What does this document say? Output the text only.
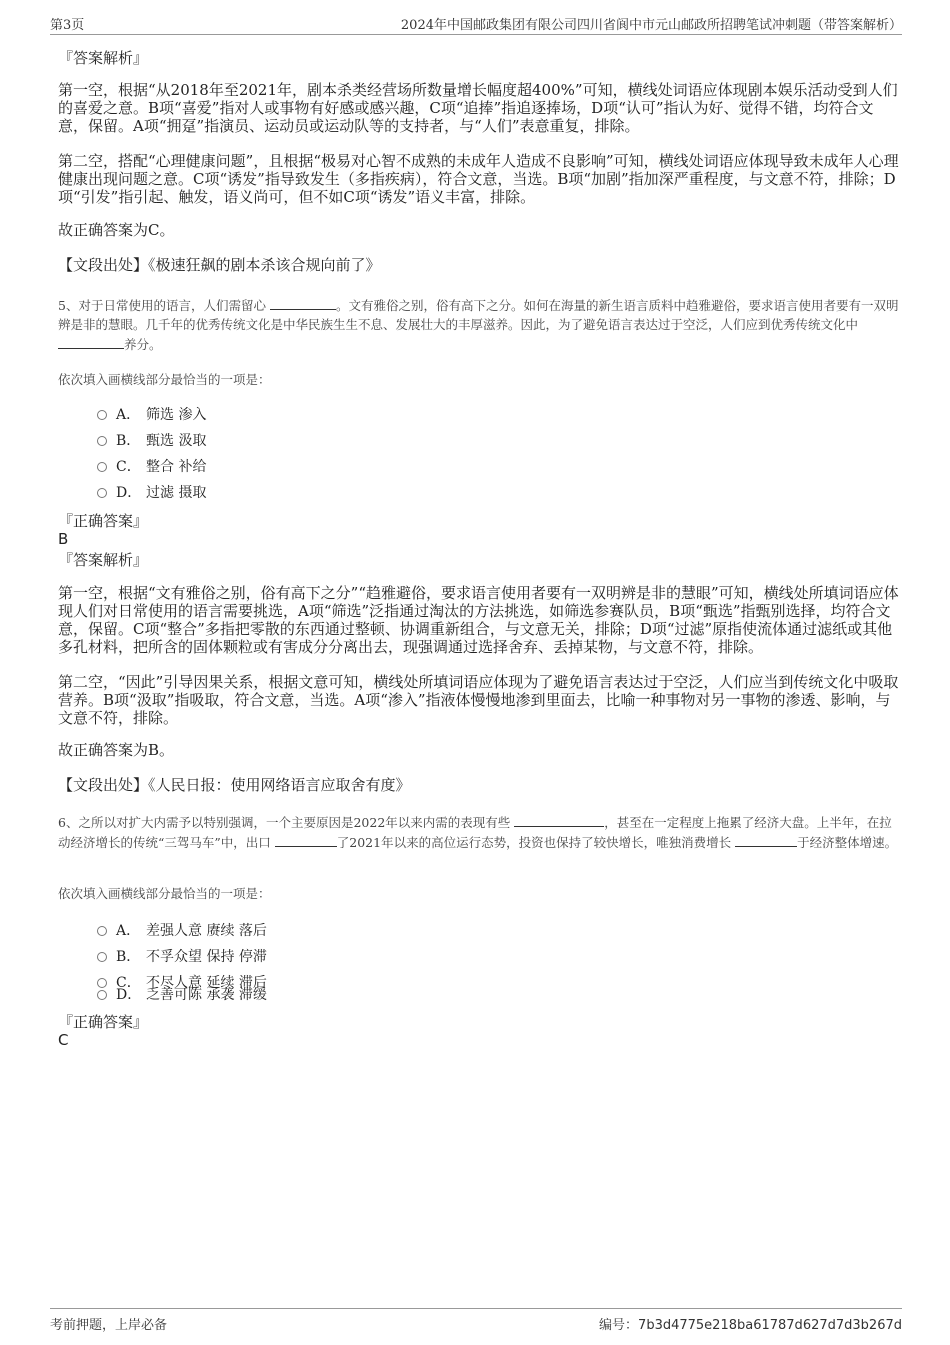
第3页	2024年中国邮政集团有限公司四川省阆中市元山邮政所招聘笔试冲刺题（带答案解析）
『答案解析』
第一空，根据“从2018年至2021年，剧本杀类经营场所数量增长幅度超400%”可知，横线处词语应体现剧本娱乐活动受到人们的喜爱之意。B项“喜爱”指对人或事物有好感或感兴趣，C项“追捧”指追逐捧场，D项“认可”指认为好、觉得不错，均符合文意，保留。A项“拥趸”指演员、运动员或运动队等的支持者，与“人们”表意重复，排除。
第二空，搭配“心理健康问题”，且根据“极易对心智不成熟的未成年人造成不良影响”可知，横线处词语应体现导致未成年人心理健康出现问题之意。C项“诱发”指导致发生（多指疾病），符合文意，当选。B项“加剧”指加深严重程度，与文意不符，排除；D项“引发”指引起、触发，语义尚可，但不如C项“诱发”语义丰富，排除。
故正确答案为C。
【文段出处】《极速狂飙的剧本杀该合规向前了》
5、对于日常使用的语言，人们需留心	。文有雅俗之别，俗有高下之分。如何在海量的新生语言质料中趋雅避俗，要求语言使用者要有一双明辨是非的慧眼。几千年的优秀传统文化是中华民族生生不息、发展壮大的丰厚滋养。因此，为了避免语言表达过于空泛，人们应到优秀传统文化中 养分。
依次填入画横线部分最恰当的一项是：
A． 筛选 渗入
B． 甄选 汲取
C． 整合 补给
D． 过滤 摄取
『正确答案』
B
『答案解析』
第一空，根据“文有雅俗之别，俗有高下之分”“趋雅避俗，要求语言使用者要有一双明辨是非的慧眼”可知，横线处所填词语应体现人们对日常使用的语言需要挑选，A项“筛选”泛指通过淘汰的方法挑选，如筛选参赛队员，B项“甄选”指甄别选择，均符合文意，保留。C项“整合”多指把零散的东西通过整顿、协调重新组合，与文意无关，排除；D项“过滤”原指使流体通过滤纸或其他多孔材料，把所含的固体颗粒或有害成分分离出去，现强调通过选择舍弃、丢掉某物，与文意不符，排除。
第二空，“因此”引导因果关系，根据文意可知，横线处所填词语应体现为了避免语言表达过于空泛，人们应当到传统文化中吸取营养。B项“汲取”指吸取，符合文意，当选。A项“渗入”指液体慢慢地渗到里面去，比喻一种事物对另一事物的渗透、影响，与文意不符，排除。
故正确答案为B。
【文段出处】《人民日报：使用网络语言应取舍有度》
6、之所以对扩大内需予以特别强调，一个主要原因是2022年以来内需的表现有些	，甚至在一定程度上拖累了经济大盘。上半年，在拉动经济增长的传统“三驾马车”中，出口	了2021年以来的高位运行态势，投资也保持了较快增长，唯独消费增长	于经济整体增速。
依次填入画横线部分最恰当的一项是：
A． 差强人意 赓续 落后
B． 不孚众望 保持 停滞
C． 不尽人意 延续 滞后
D． 乏善可陈 承袭 滞缓
『正确答案』
C
考前押题，上岸必备	编号：7b3d4775e218ba61787d627d7d3b267d
